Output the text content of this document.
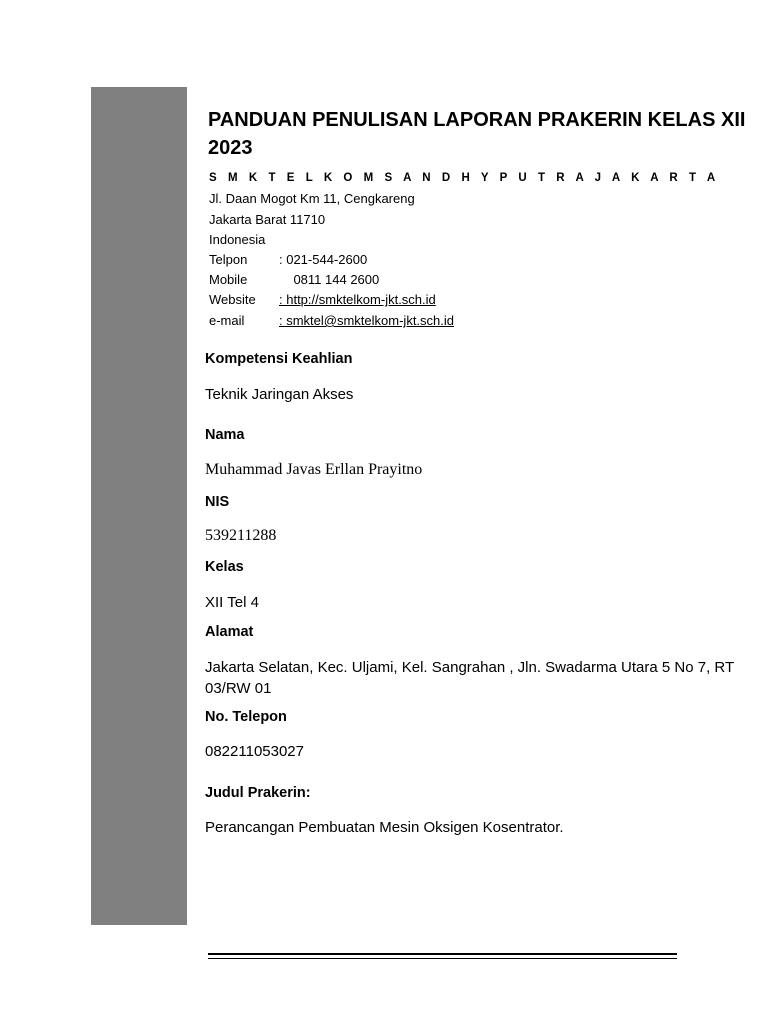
PANDUAN PENULISAN LAPORAN PRAKERIN KELAS XII 2023
S M K T E L K O M S A N D H Y P U T R A J A K A R T A
Jl. Daan Mogot Km 11, Cengkareng
Jakarta Barat 11710
Indonesia
Telpon : 021-544-2600
Mobile    0811 144 2600
Website : http://smktelkom-jkt.sch.id
e-mail	: smktel@smktelkom-jkt.sch.id
Kompetensi Keahlian
Teknik Jaringan Akses
Nama
Muhammad Javas Erllan Prayitno
NIS
539211288
Kelas
XII Tel 4
Alamat
Jakarta Selatan, Kec. Uljami, Kel. Sangrahan , Jln. Swadarma Utara 5 No 7, RT 03/RW 01
No. Telepon
082211053027
Judul Prakerin:
Perancangan Pembuatan Mesin Oksigen Kosentrator.
